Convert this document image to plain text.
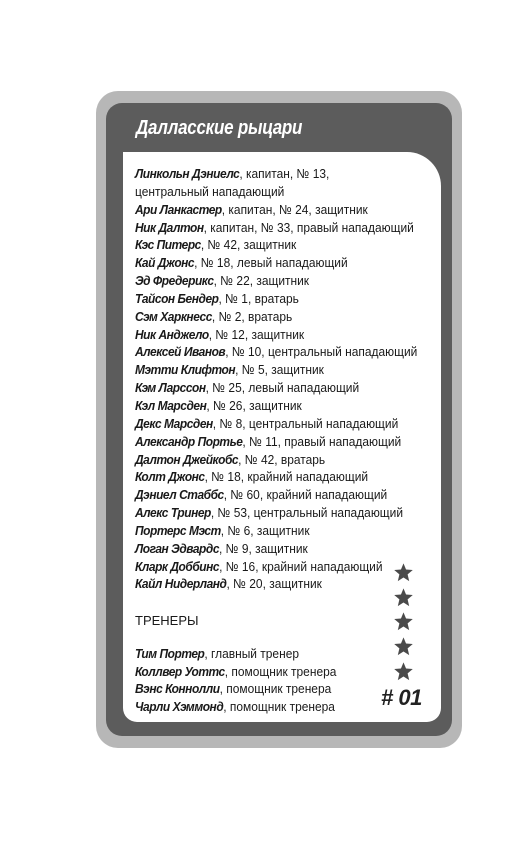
Далласские рыцари
Линкольн Дэниелс, капитан, № 13,
центральный нападающий
Ари Ланкастер, капитан, № 24, защитник
Ник Далтон, капитан, № 33, правый нападающий
Кэс Питерс, № 42, защитник
Кай Джонс, № 18, левый нападающий
Эд Фредерикс, № 22, защитник
Тайсон Бендер, № 1, вратарь
Сэм Харкнесс, № 2, вратарь
Ник Анджело, № 12, защитник
Алексей Иванов, № 10, центральный нападающий
Мэтти Клифтон, № 5, защитник
Кэм Ларссон, № 25, левый нападающий
Кэл Марсден, № 26, защитник
Декс Марсден, № 8, центральный нападающий
Александр Портье, № 11, правый нападающий
Далтон Джейкобс, № 42, вратарь
Колт Джонс, № 18, крайний нападающий
Дэниел Стаббс, № 60, крайний нападающий
Алекс Тринер, № 53, центральный нападающий
Портерс Мэст, № 6, защитник
Логан Эдвардс, № 9, защитник
Кларк Доббинс, № 16, крайний нападающий
Кайл Нидерланд, № 20, защитник
ТРЕНЕРЫ
Тим Портер, главный тренер
Коллвер Уоттс, помощник тренера
Вэнс Коннолли, помощник тренера
Чарли Хэммонд, помощник тренера	# 01
